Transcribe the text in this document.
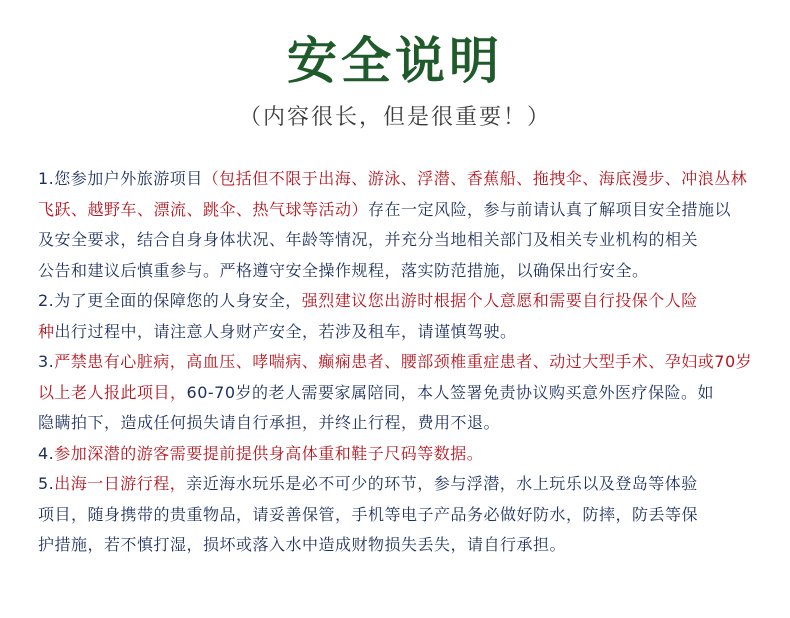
安全说明
（内容很长，但是很重要！）
1.您参加户外旅游项目（包括但不限于出海、游泳、浮潜、香蕉船、拖拽伞、海底漫步、冲浪丛林
飞跃、越野车、漂流、跳伞、热气球等活动）存在一定风险，参与前请认真了解项目安全措施以
及安全要求，结合自身身体状况、年龄等情况，并充分当地相关部门及相关专业机构的相关
公告和建议后慎重参与。严格遵守安全操作规程，落实防范措施，以确保出行安全。
2.为了更全面的保障您的人身安全，强烈建议您出游时根据个人意愿和需要自行投保个人险
种出行过程中，请注意人身财产安全，若涉及租车，请谨慎驾驶。
3.严禁患有心脏病，高血压、哮喘病、癫痫患者、腰部颈椎重症患者、动过大型手术、孕妇或70岁
以上老人报此项目，60-70岁的老人需要家属陪同，本人签署免责协议购买意外医疗保险。如
隐瞒拍下，造成任何损失请自行承担，并终止行程，费用不退。
4.参加深潜的游客需要提前提供身高体重和鞋子尺码等数据。
5.出海一日游行程，亲近海水玩乐是必不可少的环节，参与浮潜，水上玩乐以及登岛等体验
项目，随身携带的贵重物品，请妥善保管，手机等电子产品务必做好防水，防摔，防丢等保
护措施，若不慎打湿，损坏或落入水中造成财物损失丢失，请自行承担。
